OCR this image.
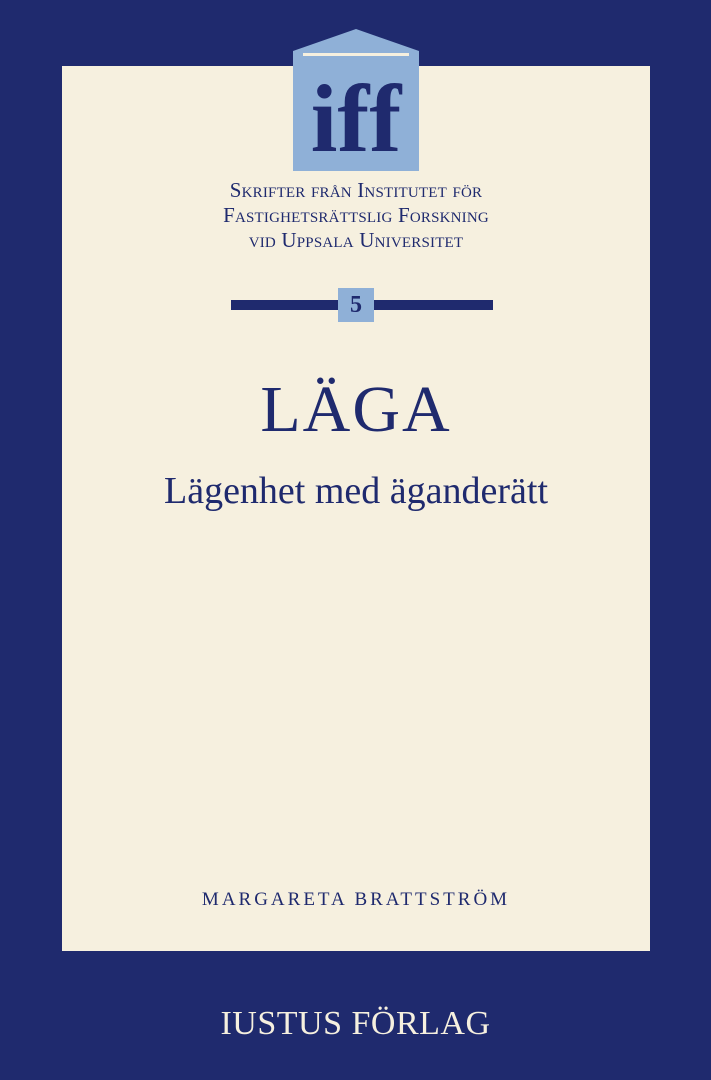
iff
Skrifter från Institutet för
Fastighetsrättslig Forskning
vid Uppsala Universitet
5
LÄGA
Lägenhet med äganderätt
MARGARETA BRATTSTRÖM
IUSTUS FÖRLAG
